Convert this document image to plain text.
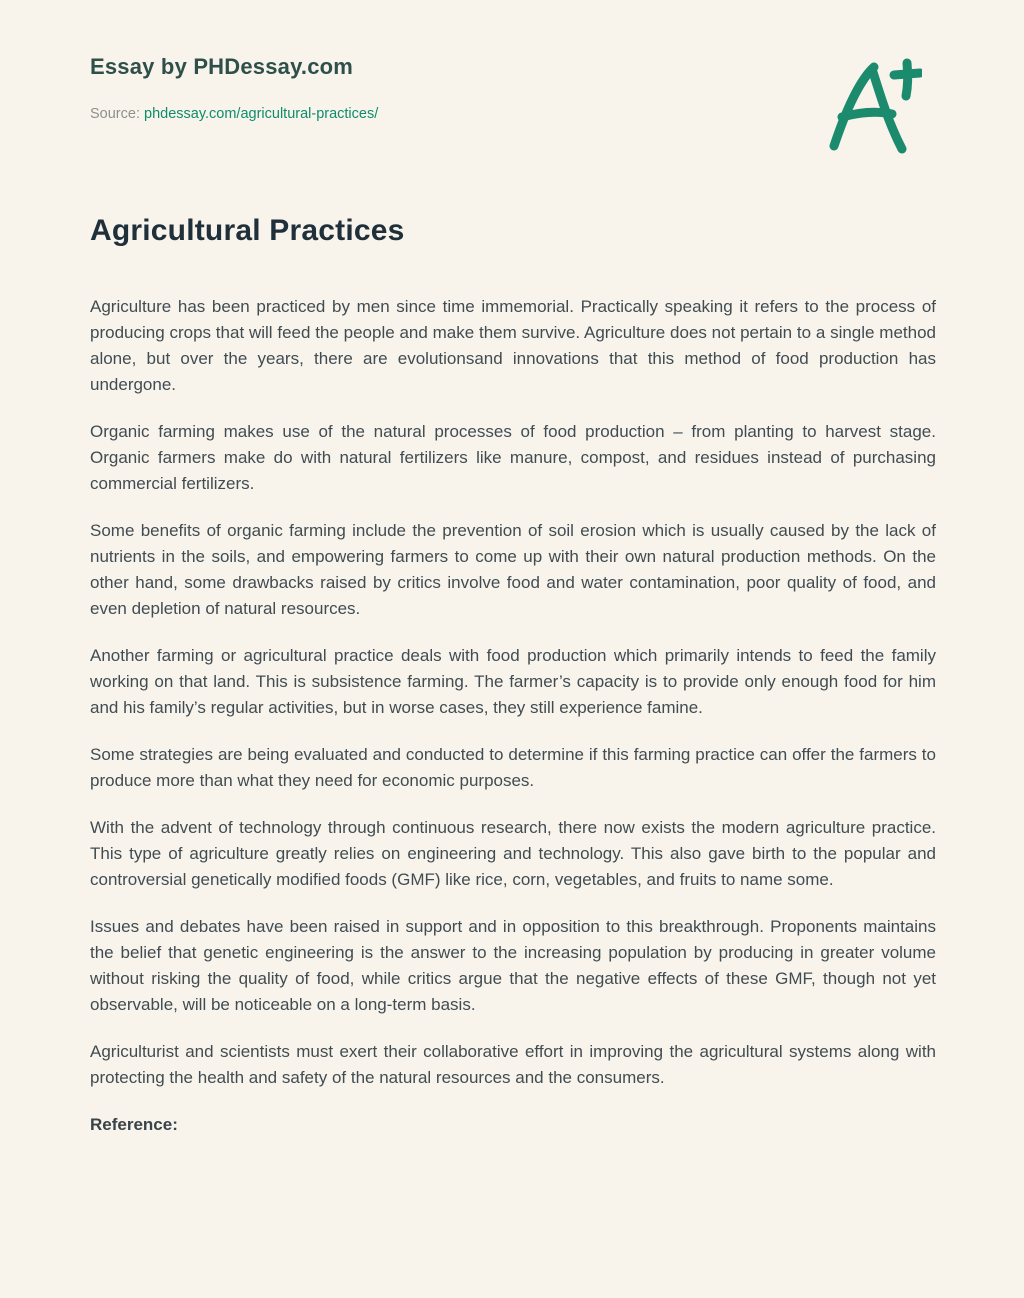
Essay by PHDessay.com
Source: phdessay.com/agricultural-practices/
Agricultural Practices

Agriculture has been practiced by men since time immemorial. Practically speaking it refers to the process of producing crops that will feed the people and make them survive. Agriculture does not pertain to a single method alone, but over the years, there are evolutionsand innovations that this method of food production has undergone.

Organic farming makes use of the natural processes of food production – from planting to harvest stage. Organic farmers make do with natural fertilizers like manure, compost, and residues instead of purchasing commercial fertilizers.

Some benefits of organic farming include the prevention of soil erosion which is usually caused by the lack of nutrients in the soils, and empowering farmers to come up with their own natural production methods. On the other hand, some drawbacks raised by critics involve food and water contamination, poor quality of food, and even depletion of natural resources.

Another farming or agricultural practice deals with food production which primarily intends to feed the family working on that land. This is subsistence farming. The farmer’s capacity is to provide only enough food for him and his family’s regular activities, but in worse cases, they still experience famine.

Some strategies are being evaluated and conducted to determine if this farming practice can offer the farmers to produce more than what they need for economic purposes.

With the advent of technology through continuous research, there now exists the modern agriculture practice. This type of agriculture greatly relies on engineering and technology. This also gave birth to the popular and controversial genetically modified foods (GMF) like rice, corn, vegetables, and fruits to name some.

Issues and debates have been raised in support and in opposition to this breakthrough. Proponents maintains the belief that genetic engineering is the answer to the increasing population by producing in greater volume without risking the quality of food, while critics argue that the negative effects of these GMF, though not yet observable, will be noticeable on a long-term basis.

Agriculturist and scientists must exert their collaborative effort in improving the agricultural systems along with protecting the health and safety of the natural resources and the consumers.

Reference:
